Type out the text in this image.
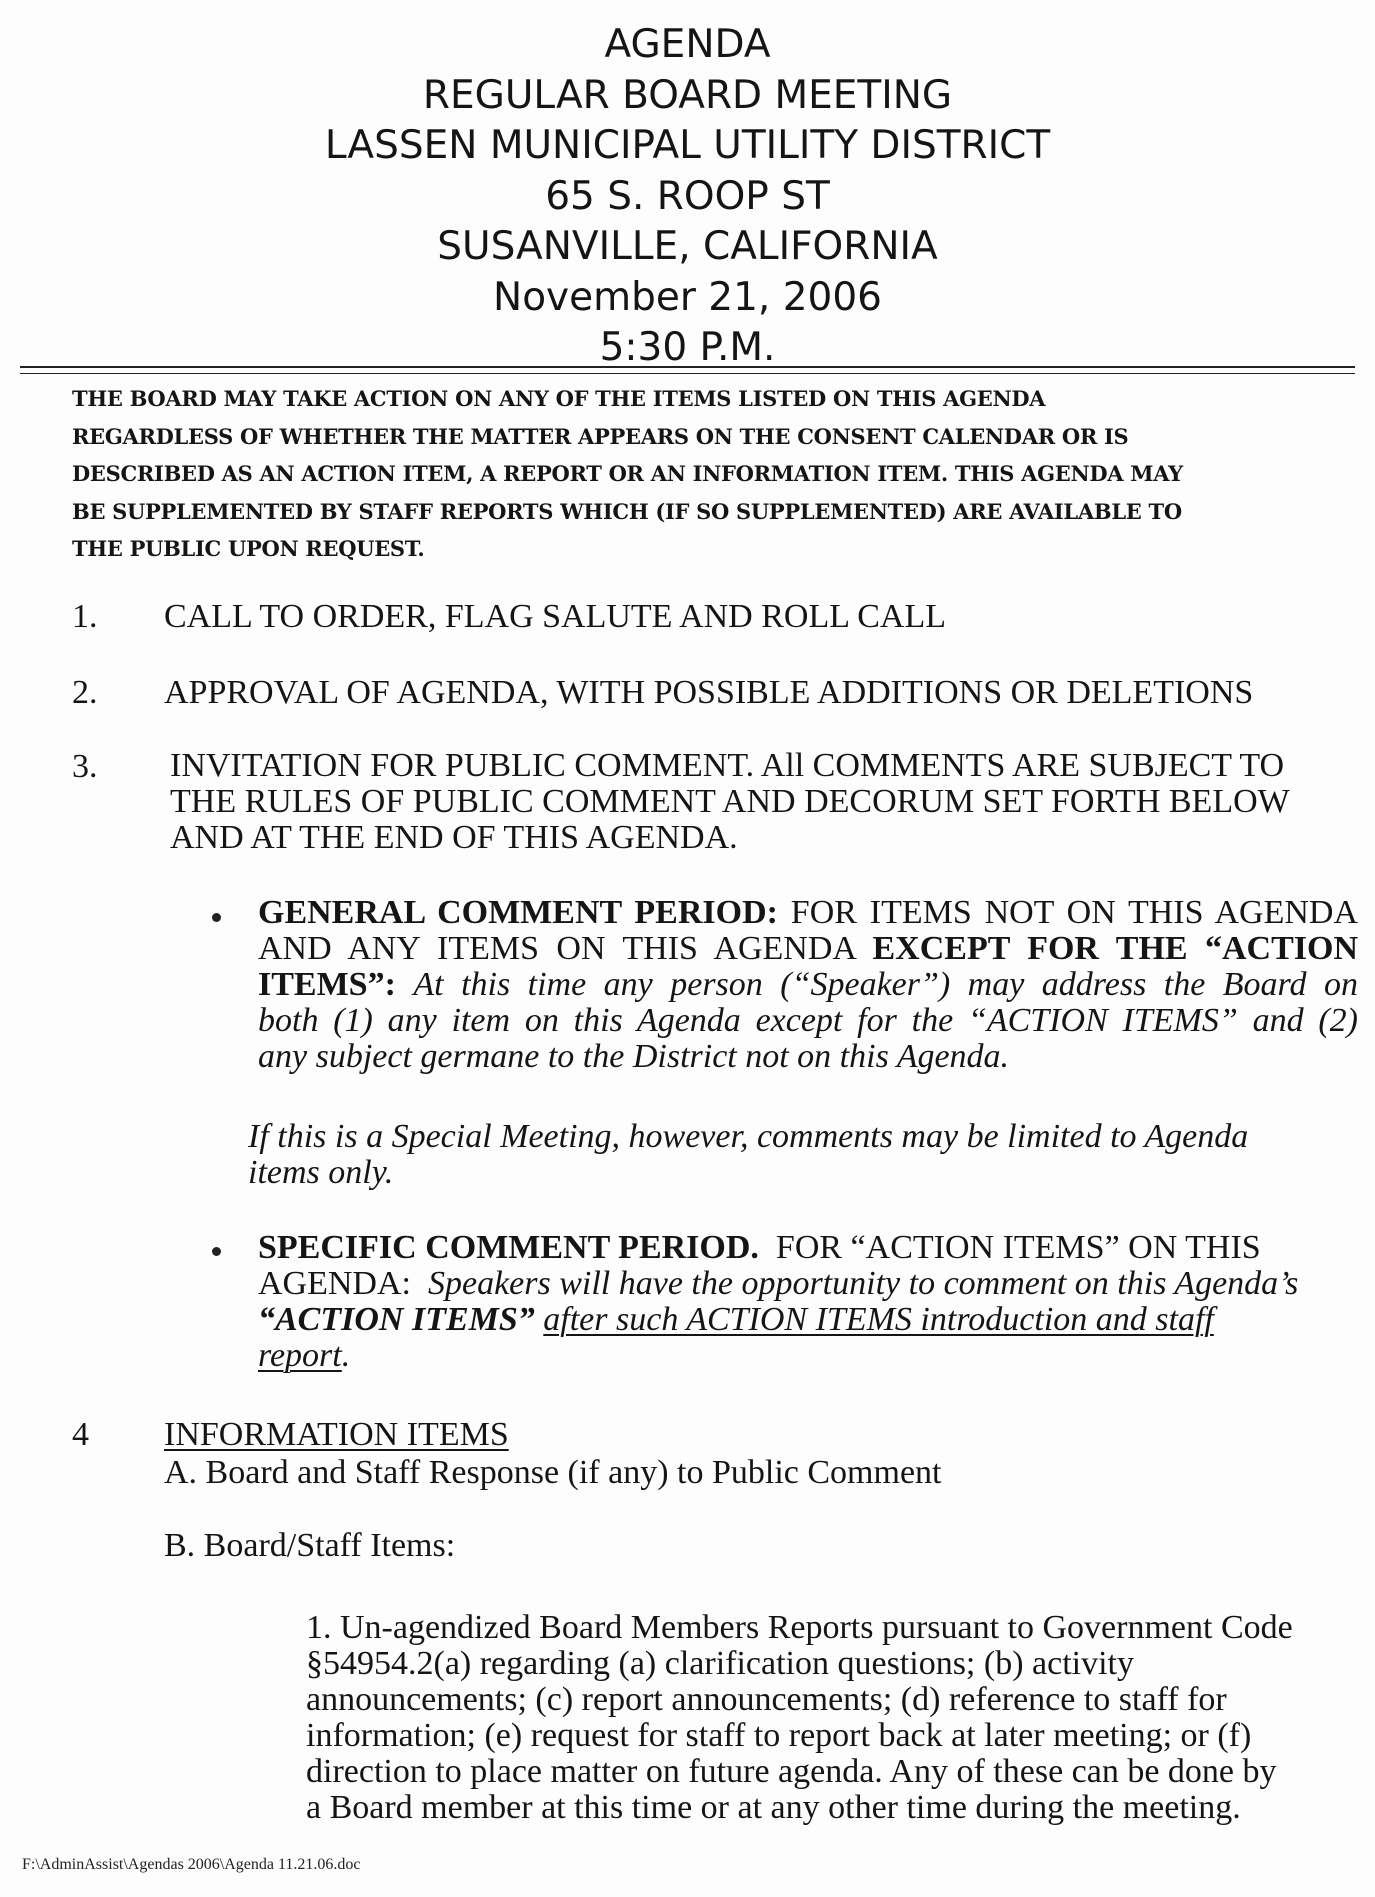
AGENDA
REGULAR BOARD MEETING
LASSEN MUNICIPAL UTILITY DISTRICT
65 S. ROOP ST
SUSANVILLE, CALIFORNIA
November 21, 2006
5:30 P.M.
THE BOARD MAY TAKE ACTION ON ANY OF THE ITEMS LISTED ON THIS AGENDA
REGARDLESS OF WHETHER THE MATTER APPEARS ON THE CONSENT CALENDAR OR IS
DESCRIBED AS AN ACTION ITEM, A REPORT OR AN INFORMATION ITEM. THIS AGENDA MAY
BE SUPPLEMENTED BY STAFF REPORTS WHICH (IF SO SUPPLEMENTED) ARE AVAILABLE TO
THE PUBLIC UPON REQUEST.
1. CALL TO ORDER, FLAG SALUTE AND ROLL CALL
2. APPROVAL OF AGENDA, WITH POSSIBLE ADDITIONS OR DELETIONS
3. INVITATION FOR PUBLIC COMMENT. All COMMENTS ARE SUBJECT TO
THE RULES OF PUBLIC COMMENT AND DECORUM SET FORTH BELOW
AND AT THE END OF THIS AGENDA.
GENERAL COMMENT PERIOD: FOR ITEMS NOT ON THIS AGENDA
AND ANY ITEMS ON THIS AGENDA EXCEPT FOR THE “ACTION
ITEMS”: At this time any person (“Speaker”) may address the Board on
both (1) any item on this Agenda except for the “ACTION ITEMS” and (2)
any subject germane to the District not on this Agenda.
If this is a Special Meeting, however, comments may be limited to Agenda
items only.
SPECIFIC COMMENT PERIOD. FOR “ACTION ITEMS” ON THIS
AGENDA: Speakers will have the opportunity to comment on this Agenda’s
“ACTION ITEMS” after such ACTION ITEMS introduction and staff
report.
4 INFORMATION ITEMS
A. Board and Staff Response (if any) to Public Comment
B. Board/Staff Items:
1. Un-agendized Board Members Reports pursuant to Government Code
§54954.2(a) regarding (a) clarification questions; (b) activity
announcements; (c) report announcements; (d) reference to staff for
information; (e) request for staff to report back at later meeting; or (f)
direction to place matter on future agenda. Any of these can be done by
a Board member at this time or at any other time during the meeting.
F:\AdminAssist\Agendas 2006\Agenda 11.21.06.doc
